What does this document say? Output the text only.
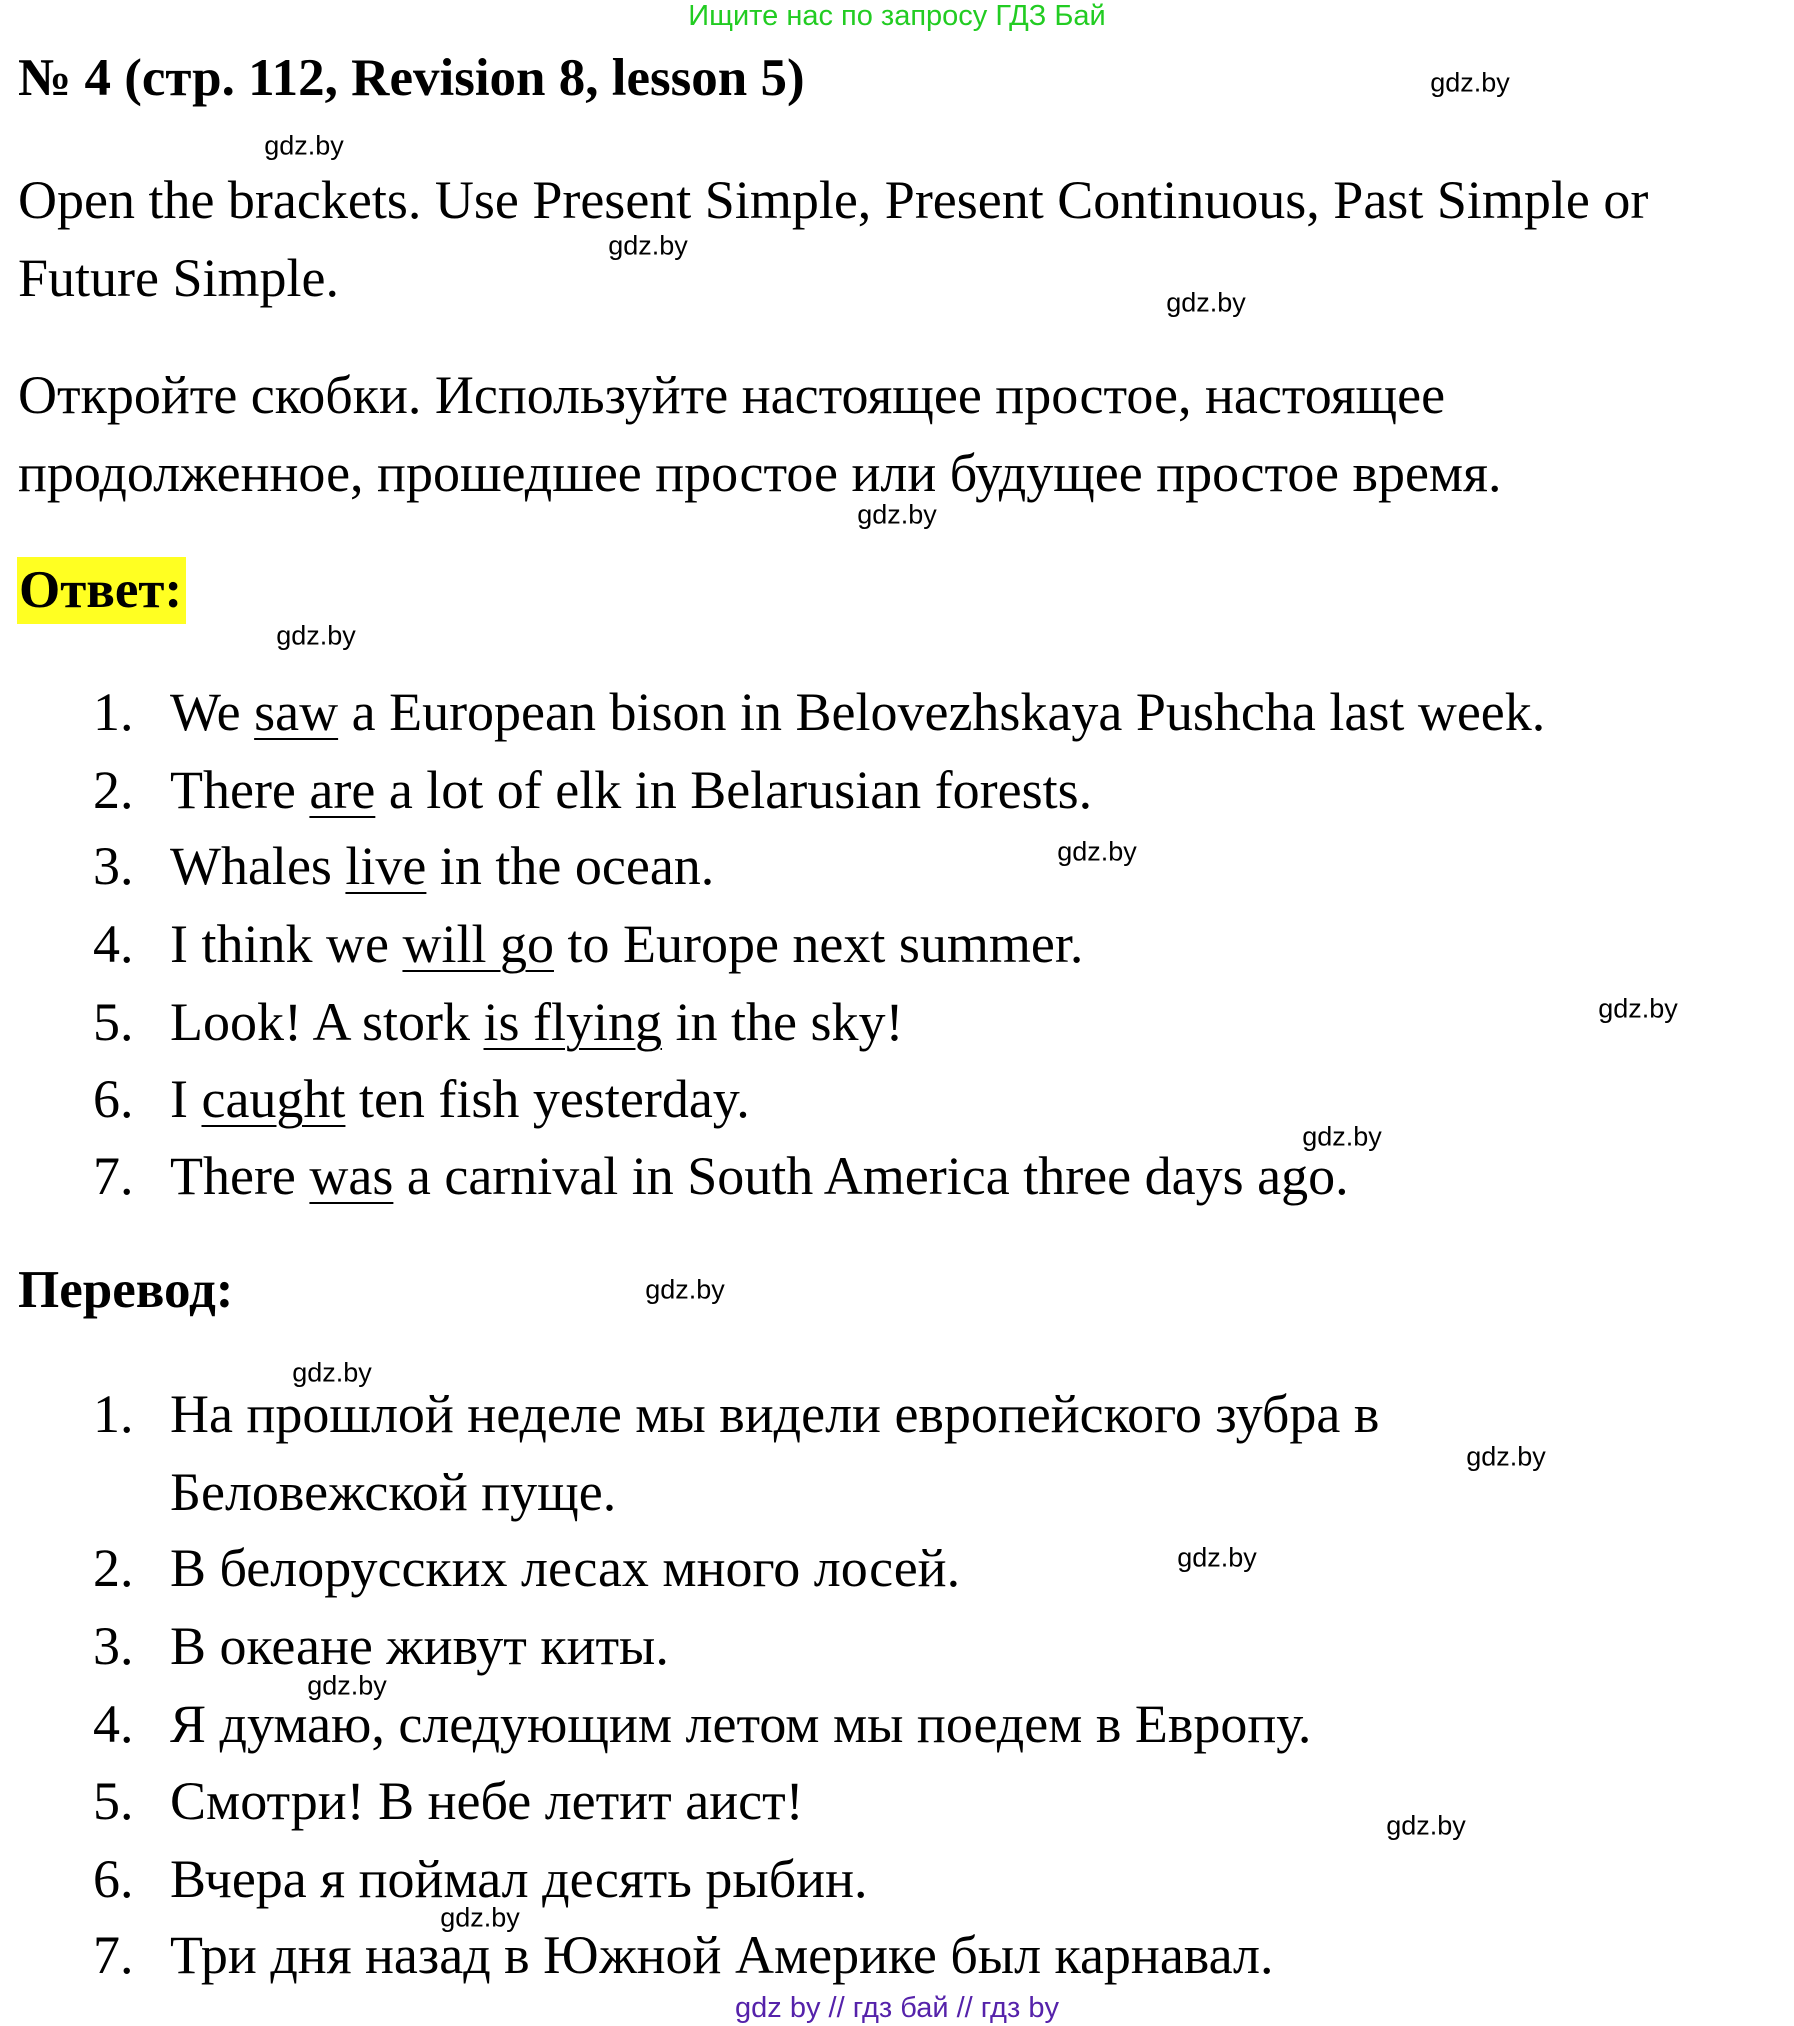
Ищите нас по запросу ГДЗ Бай
№ 4 (стр. 112, Revision 8, lesson 5)
Open the brackets. Use Present Simple, Present Continuous, Past Simple or
Future Simple.
Откройте скобки. Используйте настоящее простое, настоящее
продолженное, прошедшее простое или будущее простое время.
Ответ:
1. We saw a European bison in Belovezhskaya Pushcha last week.
2. There are a lot of elk in Belarusian forests.
3. Whales live in the ocean.
4. I think we will go to Europe next summer.
5. Look! A stork is flying in the sky!
6. I caught ten fish yesterday.
7. There was a carnival in South America three days ago.
Перевод:
1. На прошлой неделе мы видели европейского зубра в
Беловежской пуще.
2. В белорусских лесах много лосей.
3. В океане живут киты.
4. Я думаю, следующим летом мы поедем в Европу.
5. Смотри! В небе летит аист!
6. Вчера я поймал десять рыбин.
7. Три дня назад в Южной Америке был карнавал.
gdz.by
gdz.by
gdz.by
gdz.by
gdz.by
gdz.by
gdz.by
gdz.by
gdz.by
gdz.by
gdz.by
gdz.by
gdz.by
gdz.by
gdz.by
gdz.by
gdz by // гдз бай // гдз by
